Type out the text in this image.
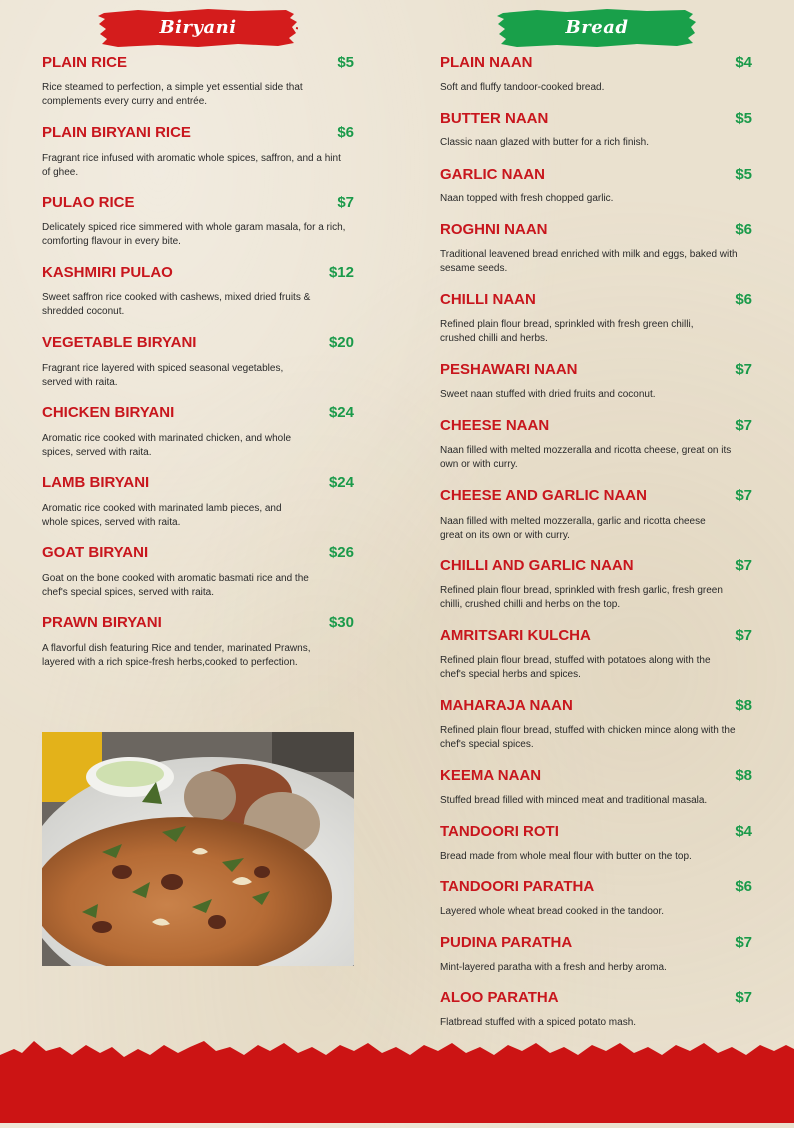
Biryani	Bread
PLAIN RICE	$5
Rice steamed to perfection, a simple yet essential side that complements every curry and entrée.
PLAIN BIRYANI RICE	$6
Fragrant rice infused with aromatic whole spices, saffron, and a hint of ghee.
PULAO RICE	$7
Delicately spiced rice simmered with whole garam masala, for a rich, comforting flavour in every bite.
KASHMIRI PULAO	$12
Sweet saffron rice cooked with cashews, mixed dried fruits & shredded coconut.
VEGETABLE BIRYANI	$20
Fragrant rice layered with spiced seasonal vegetables, served with raita.
CHICKEN BIRYANI	$24
Aromatic rice cooked with marinated chicken, and whole spices, served with raita.
LAMB BIRYANI	$24
Aromatic rice cooked with marinated lamb pieces, and whole spices, served with raita.
GOAT BIRYANI	$26
Goat on the bone cooked with aromatic basmati rice and the chef's special spices, served with raita.
PRAWN BIRYANI	$30
A flavorful dish featuring Rice and tender, marinated Prawns, layered with a rich spice-fresh herbs,cooked to perfection.
PLAIN NAAN	$4
Soft and fluffy tandoor-cooked bread.
BUTTER NAAN	$5
Classic naan glazed with butter for a rich finish.
GARLIC NAAN	$5
Naan topped with fresh chopped garlic.
ROGHNI NAAN	$6
Traditional leavened bread enriched with milk and eggs, baked with sesame seeds.
CHILLI NAAN	$6
Refined plain flour bread, sprinkled with fresh green chilli, crushed chilli and herbs.
PESHAWARI NAAN	$7
Sweet naan stuffed with dried fruits and coconut.
CHEESE NAAN	$7
Naan filled with melted mozzeralla and ricotta cheese, great on its own or with curry.
CHEESE AND GARLIC NAAN	$7
Naan filled with melted mozzeralla, garlic and ricotta cheese great on its own or with curry.
CHILLI AND GARLIC NAAN	$7
Refined plain flour bread, sprinkled with fresh garlic, fresh green chilli, crushed chilli and herbs on the top.
AMRITSARI KULCHA	$7
Refined plain flour bread, stuffed with potatoes along with the chef's special herbs and spices.
MAHARAJA NAAN	$8
Refined plain flour bread, stuffed with chicken mince along with the chef's special spices.
KEEMA NAAN	$8
Stuffed bread filled with minced meat and traditional masala.
TANDOORI ROTI	$4
Bread made from whole meal flour with butter on the top.
TANDOORI PARATHA	$6
Layered whole wheat bread cooked in the tandoor.
PUDINA PARATHA	$7
Mint-layered paratha with a fresh and herby aroma.
ALOO PARATHA	$7
Flatbread stuffed with a spiced potato mash.
